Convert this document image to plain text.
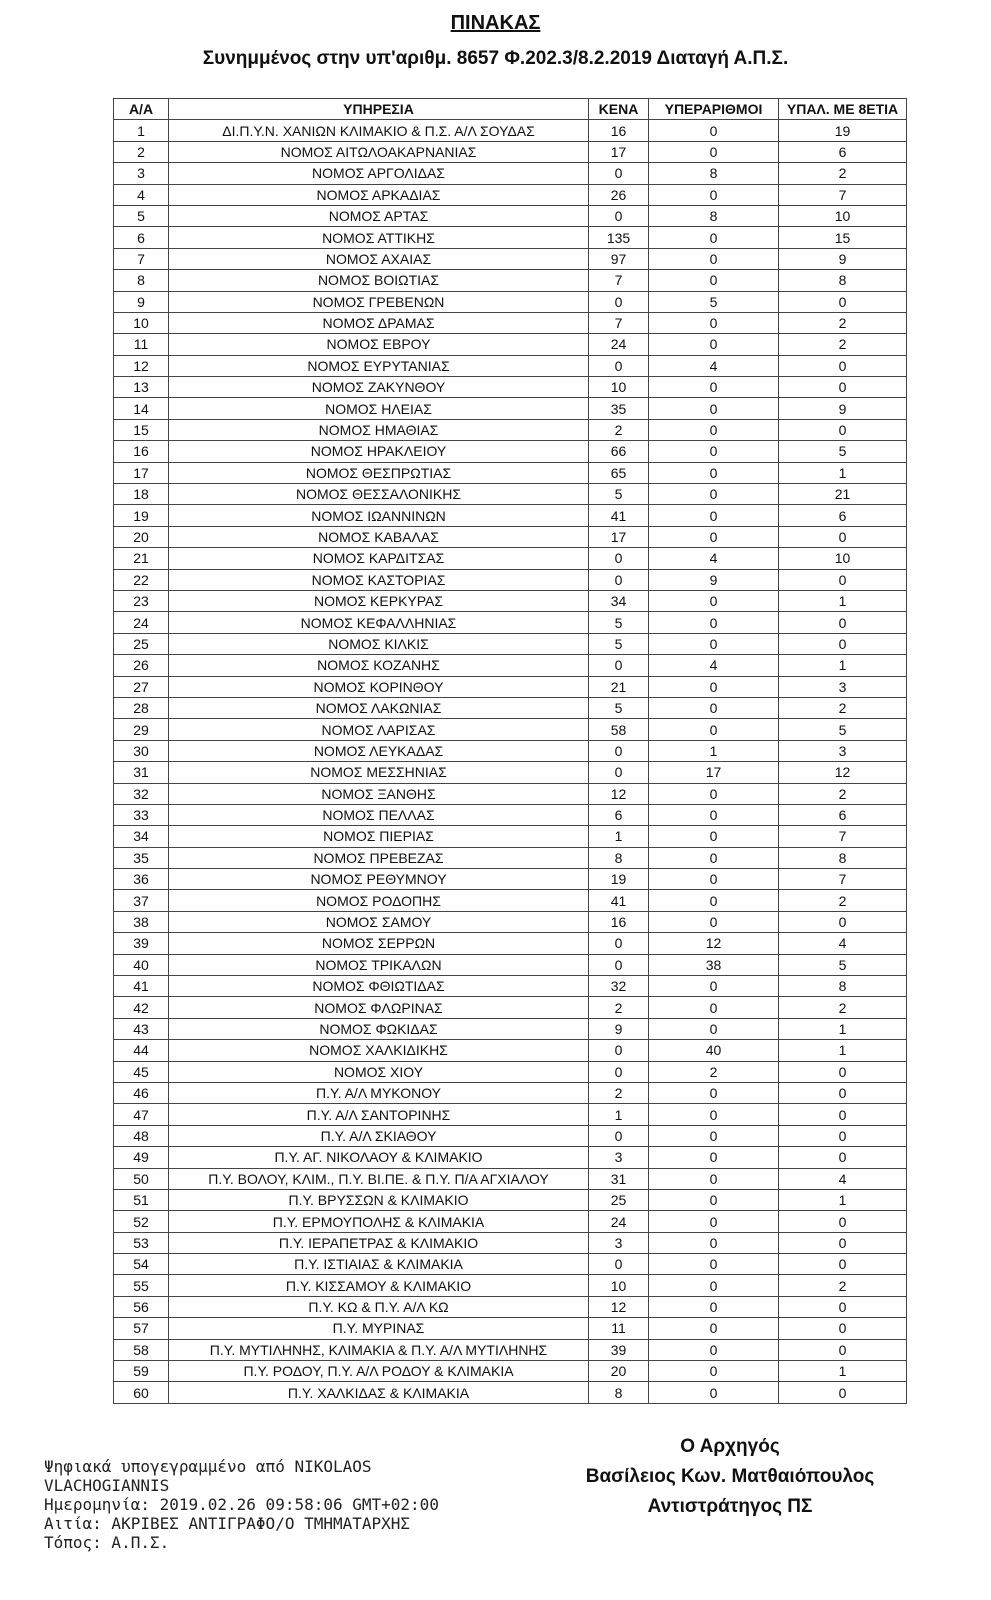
ΠΙΝΑΚΑΣ
Συνημμένος στην υπ'αριθμ. 8657 Φ.202.3/8.2.2019 Διαταγή Α.Π.Σ.
Α/Α	ΥΠΗΡΕΣΙΑ	ΚΕΝΑ	ΥΠΕΡΑΡΙΘΜΟΙ	ΥΠΑΛ. ΜΕ 8ΕΤΙΑ
1	ΔΙ.Π.Υ.Ν. ΧΑΝΙΩΝ ΚΛΙΜΑΚΙΟ & Π.Σ. Α/Λ ΣΟΥΔΑΣ	16	0	19
2	ΝΟΜΟΣ ΑΙΤΩΛΟΑΚΑΡΝΑΝΙΑΣ	17	0	6
3	ΝΟΜΟΣ ΑΡΓΟΛΙΔΑΣ	0	8	2
4	ΝΟΜΟΣ ΑΡΚΑΔΙΑΣ	26	0	7
5	ΝΟΜΟΣ ΑΡΤΑΣ	0	8	10
6	ΝΟΜΟΣ ΑΤΤΙΚΗΣ	135	0	15
7	ΝΟΜΟΣ ΑΧΑΙΑΣ	97	0	9
8	ΝΟΜΟΣ ΒΟΙΩΤΙΑΣ	7	0	8
9	ΝΟΜΟΣ ΓΡΕΒΕΝΩΝ	0	5	0
10	ΝΟΜΟΣ ΔΡΑΜΑΣ	7	0	2
11	ΝΟΜΟΣ ΕΒΡΟΥ	24	0	2
12	ΝΟΜΟΣ ΕΥΡΥΤΑΝΙΑΣ	0	4	0
13	ΝΟΜΟΣ ΖΑΚΥΝΘΟΥ	10	0	0
14	ΝΟΜΟΣ ΗΛΕΙΑΣ	35	0	9
15	ΝΟΜΟΣ ΗΜΑΘΙΑΣ	2	0	0
16	ΝΟΜΟΣ ΗΡΑΚΛΕΙΟΥ	66	0	5
17	ΝΟΜΟΣ ΘΕΣΠΡΩΤΙΑΣ	65	0	1
18	ΝΟΜΟΣ ΘΕΣΣΑΛΟΝΙΚΗΣ	5	0	21
19	ΝΟΜΟΣ ΙΩΑΝΝΙΝΩΝ	41	0	6
20	ΝΟΜΟΣ ΚΑΒΑΛΑΣ	17	0	0
21	ΝΟΜΟΣ ΚΑΡΔΙΤΣΑΣ	0	4	10
22	ΝΟΜΟΣ ΚΑΣΤΟΡΙΑΣ	0	9	0
23	ΝΟΜΟΣ ΚΕΡΚΥΡΑΣ	34	0	1
24	ΝΟΜΟΣ ΚΕΦΑΛΛΗΝΙΑΣ	5	0	0
25	ΝΟΜΟΣ ΚΙΛΚΙΣ	5	0	0
26	ΝΟΜΟΣ ΚΟΖΑΝΗΣ	0	4	1
27	ΝΟΜΟΣ ΚΟΡΙΝΘΟΥ	21	0	3
28	ΝΟΜΟΣ ΛΑΚΩΝΙΑΣ	5	0	2
29	ΝΟΜΟΣ ΛΑΡΙΣΑΣ	58	0	5
30	ΝΟΜΟΣ ΛΕΥΚΑΔΑΣ	0	1	3
31	ΝΟΜΟΣ ΜΕΣΣΗΝΙΑΣ	0	17	12
32	ΝΟΜΟΣ ΞΑΝΘΗΣ	12	0	2
33	ΝΟΜΟΣ ΠΕΛΛΑΣ	6	0	6
34	ΝΟΜΟΣ ΠΙΕΡΙΑΣ	1	0	7
35	ΝΟΜΟΣ ΠΡΕΒΕΖΑΣ	8	0	8
36	ΝΟΜΟΣ ΡΕΘΥΜΝΟΥ	19	0	7
37	ΝΟΜΟΣ ΡΟΔΟΠΗΣ	41	0	2
38	ΝΟΜΟΣ ΣΑΜΟΥ	16	0	0
39	ΝΟΜΟΣ ΣΕΡΡΩΝ	0	12	4
40	ΝΟΜΟΣ ΤΡΙΚΑΛΩΝ	0	38	5
41	ΝΟΜΟΣ ΦΘΙΩΤΙΔΑΣ	32	0	8
42	ΝΟΜΟΣ ΦΛΩΡΙΝΑΣ	2	0	2
43	ΝΟΜΟΣ ΦΩΚΙΔΑΣ	9	0	1
44	ΝΟΜΟΣ ΧΑΛΚΙΔΙΚΗΣ	0	40	1
45	ΝΟΜΟΣ ΧΙΟΥ	0	2	0
46	Π.Υ. Α/Λ ΜΥΚΟΝΟΥ	2	0	0
47	Π.Υ. Α/Λ ΣΑΝΤΟΡΙΝΗΣ	1	0	0
48	Π.Υ. Α/Λ ΣΚΙΑΘΟΥ	0	0	0
49	Π.Υ. ΑΓ. ΝΙΚΟΛΑΟΥ & ΚΛΙΜΑΚΙΟ	3	0	0
50	Π.Υ. ΒΟΛΟΥ, ΚΛΙΜ., Π.Υ. ΒΙ.ΠΕ. & Π.Υ. Π/Α ΑΓΧΙΑΛΟΥ	31	0	4
51	Π.Υ. ΒΡΥΣΣΩΝ & ΚΛΙΜΑΚΙΟ	25	0	1
52	Π.Υ. ΕΡΜΟΥΠΟΛΗΣ & ΚΛΙΜΑΚΙΑ	24	0	0
53	Π.Υ. ΙΕΡΑΠΕΤΡΑΣ & ΚΛΙΜΑΚΙΟ	3	0	0
54	Π.Υ. ΙΣΤΙΑΙΑΣ & ΚΛΙΜΑΚΙΑ	0	0	0
55	Π.Υ. ΚΙΣΣΑΜΟΥ & ΚΛΙΜΑΚΙΟ	10	0	2
56	Π.Υ. ΚΩ & Π.Υ. Α/Λ ΚΩ	12	0	0
57	Π.Υ. ΜΥΡΙΝΑΣ	11	0	0
58	Π.Υ. ΜΥΤΙΛΗΝΗΣ, ΚΛΙΜΑΚΙΑ & Π.Υ. Α/Λ ΜΥΤΙΛΗΝΗΣ	39	0	0
59	Π.Υ. ΡΟΔΟΥ, Π.Υ. Α/Λ ΡΟΔΟΥ & ΚΛΙΜΑΚΙΑ	20	0	1
60	Π.Υ. ΧΑΛΚΙΔΑΣ & ΚΛΙΜΑΚΙΑ	8	0	0
Ψηφιακά υπογεγραμμένο από NIKOLAOS
VLACHOGIANNIS
Ημερομηνία: 2019.02.26 09:58:06 GMT+02:00
Αιτία: ΑΚΡΙΒΕΣ ΑΝΤΙΓΡΑΦΟ/Ο ΤΜΗΜΑΤΑΡΧΗΣ
Τόπος: Α.Π.Σ.
Ο Αρχηγός
Βασίλειος Κων. Ματθαιόπουλος
Αντιστράτηγος ΠΣ
